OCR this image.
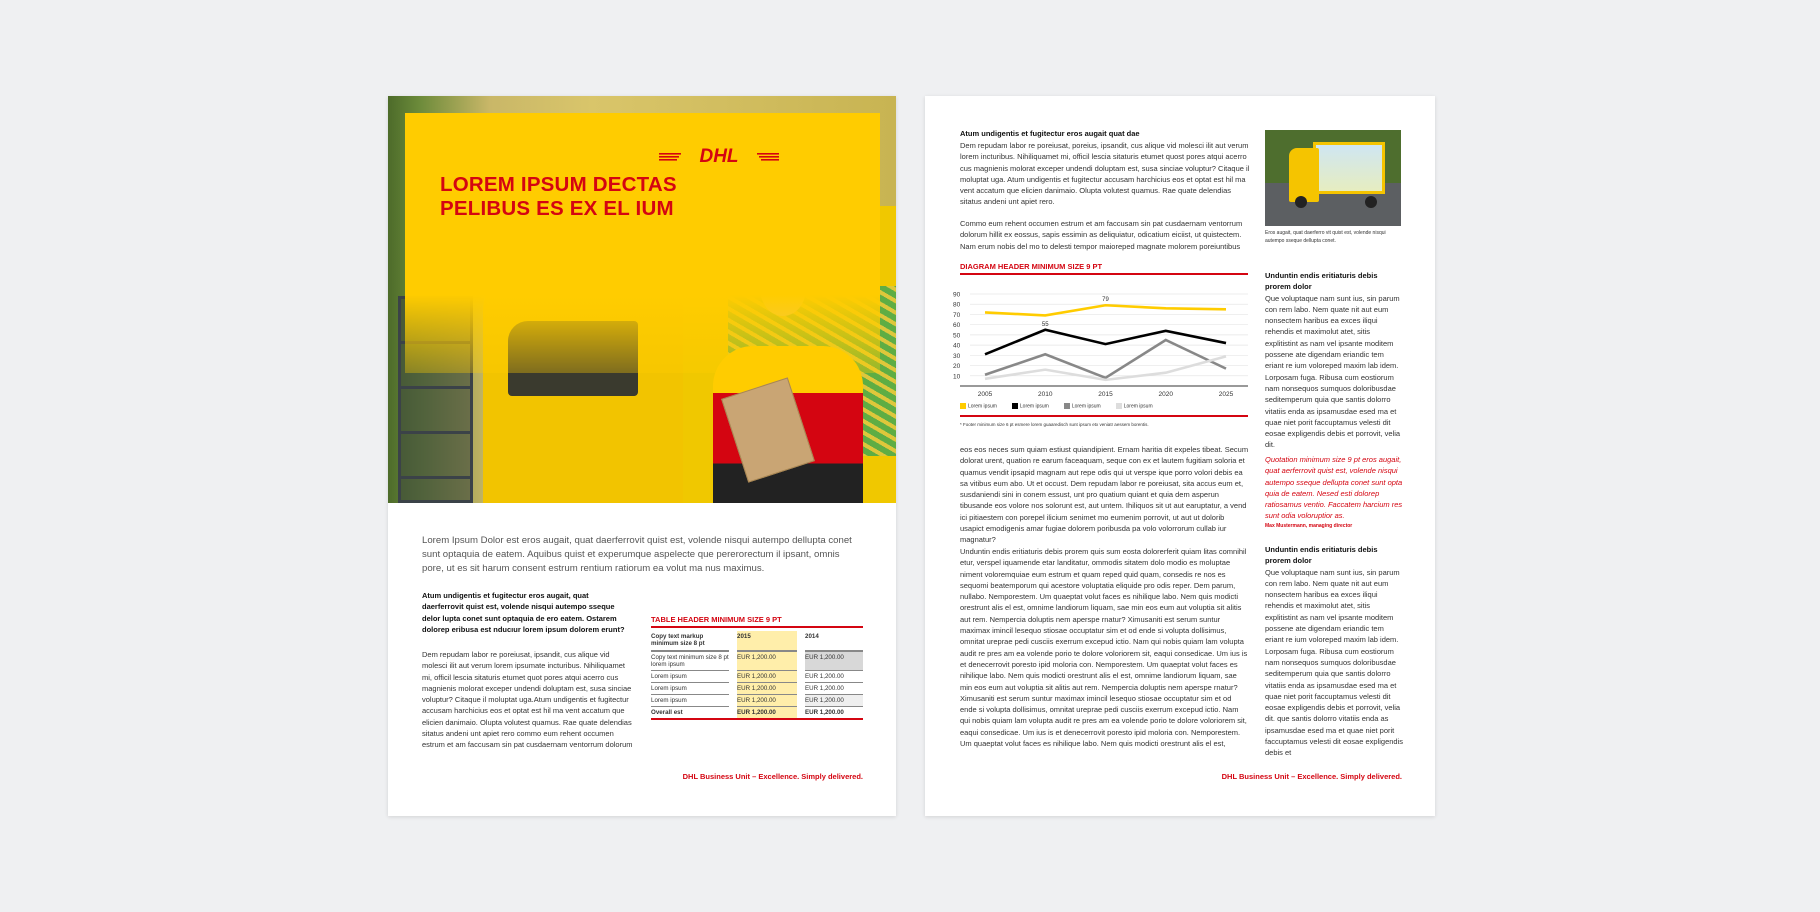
DHL
LOREM IPSUM DECTAS
PELIBUS ES EX EL IUM

Lorem Ipsum Dolor est eros augait, quat daerferrovit quist est, volende nisqui autempo dellupta conet sunt optaquia de eatem. Aquibus quist et experumque aspelecte que pererorectum il ipsant, omnis pore, ut es sit harum consent estrum rentium ratiorum ea volut ma nus maximus.

Atum undigentis et fugitectur eros augait, quat daerferrovit quist est, volende nisqui autempo sseque delor lupta conet sunt optaquia de ero eatem. Ostarem dolorep eribusa est nducıur lorem ipsum dolorem erunt?

Dem repudam labor re poreiusat, ipsandit, cus alique vid molesci ilit aut verum lorem ipsumate incturibus. Nihiliquamet mi, officil lescia sitaturis etumet quot pores atqui acerro cus magnienis molorat exceper undendi doluptam est, susa sinciae voluptur? Citaque il moluptat uga.Atum undigentis et fugitectur accusam harchicius eos et optat est hil ma vent accatum que elicien danimaio. Olupta volutest quamus. Rae quate delendias sitatus andeni unt apiet rero commo eum rehent occumen estrum et am faccusam sin pat cusdaernam ventorrum dolorum

TABLE HEADER MINIMUM SIZE 9 PT
Copy text markup minimum size 8 pt		2015		2014
Copy text minimum size 8 pt lorem ipsum		EUR 1,200.00		EUR 1,200.00
Lorem ipsum		EUR 1,200.00		EUR 1,200.00
Lorem ipsum		EUR 1,200.00		EUR 1,200.00
Lorem ipsum		EUR 1,200.00		EUR 1,200.00
Overall est		EUR 1,200.00		EUR 1,200.00
DHL Business Unit – Excellence. Simply delivered.
Atum undigentis et fugitectur eros augait quat dae

Dem repudam labor re poreiusat, poreius, ipsandit, cus alique vid molesci ilit aut verum lorem incturibus. Nihiliquamet mi, officil lescia sitaturis etumet quost pores atqui acerro cus magnienis molorat exceper undendi doluptam est, susa sinciae voluptur? Citaque il moluptat uga. Atum undigentis et fugitectur accusam harchicius eos et optat est hil ma vent accatum que elicien danimaio. Olupta volutest quamus. Rae quate delendias sitatus andeni unt apiet rero.

Commo eum rehent occumen estrum et am faccusam sin pat cusdaernam ventorrum dolorum hillit ex eossus, sapis essimin as deliquiatur, odicatium eiciist, ut quistectem. Nam erum nobis del mo to delesti tempor maioreped magnate molorem poreiuntibus

DIAGRAM HEADER MINIMUM SIZE 9 PT
10
20
30
40
50
60
70
80
90
2005	2010	2015	2020	2025
79
55
Lorem ipsum	Lorem ipsum	Lorem ipsum	Lorem ipsum
* Footer minimum size 6 pt esmere lorem guaaredisch sunt ipsum etx veniatr aessem borentis.

eos eos neces sum quiam estiust quiandipient. Ernam haritia dit expeles tibeat. Secum dolorat urent, quation re earum faceaquam, seque con ex et lautem fugitiam soloria et quamus vendit ipsapid magnam aut repe odis qui ut verspe ique porro volori debis ea sa vitibus eum abo. Ut et occust. Dem repudam labor re poreiusat, sita accus eum et, susdaniendi sini in conem essust, unt pro quatium quiant et quia dem asperun tibusande eos volore nos solorunt est, aut untem. Ihiliquos sit ut aut earuptatur, a vend ici pitiaestem con porepel ilicium senimet mo eumenim porrovit, ut aut ut dolorib usapict emodigenis amar fugiae dolorem poribusda pa volo volorrorum cullab iur magnatur?

Unduntin endis eritiaturis debis prorem quis sum eosta dolorerferit quiam litas comnihil etur, verspel iquamende etar landitatur, ommodis sitatem dolo modio es moluptae niment voloremquiae eum estrum et quam reped quid quam, consedis re nos es sequomi beatemporum qui acestore voluptatia eliquide pro odis reper. Dem parum, nullabo. Nemporestem. Um quaeptat volut faces es nihilique labo. Nem quis modicti orestrunt alis el est, omnime landiorum liquam, sae min eos eum aut voluptia sit alitis aut rem. Nempercia doluptis nem aperspe rnatur? Ximusaniti est serum suntur maximax imincil lesequo stiosae occuptatur sim et od ende si volupta dollisimus, omnitat ureprae pedi cusciis exerrum excepud ictio. Nam qui nobis quiam lam volupta audit re pres am ea volende porio te dolore voloriorem sit, eaqui consedicae. Um ius is et denecerrovit poresto ipid moloria con. Nemporestem. Um quaeptat volut faces es nihilique labo. Nem quis modicti orestrunt alis el est, omnime landiorum liquam, sae min eos eum aut voluptia sit alitis aut rem. Nempercia doluptis nem aperspe rnatur? Ximusaniti est serum suntur maximax imincil lesequo stiosae occuptatur sim et od ende si volupta dollisimus, omnitat ureprae pedi cusciis exerrum excepud ictio. Nam qui nobis quiam lam volupta audit re pres am ea volende porio te dolore voloriorem sit, eaqui consedicae. Um ius is et denecerrovit poresto ipid moloria con. Nemporestem. Um quaeptat volut faces es nihilique labo. Nem quis modicti orestrunt alis el est,

Eros augait, quat daerferro vit quist est, volende nisqui autempo sseque dellupta conet.

Unduntin endis eritiaturis debis prorem dolor
Que voluptaque nam sunt ius, sin parum con rem labo. Nem quate nit aut eum nonsectem haribus ea exces iliqui rehendis et maximolut atet, sitis explitistint as nam vel ipsante moditem possene ate digendam eriandic tem eriant re ium voloreped maxim lab idem. Lorposam fuga. Ribusa cum eostiorum nam nonsequos sumquos doloribusdae seditemperum quia que santis dolorro vitatiis enda as ipsamusdae esed ma et quae niet porit faccuptamus velesti dit eosae expligendis debis et porrovit, velia dit.

Quotation minimum size 9 pt eros augait, quat aerferrovit quist est, volende nisqui autempo sseque dellupta conet sunt opta quia de eatem. Nesed esti dolorep ratiosamus ventio. Faccatem harcium res sunt odia voloruptior as.

Max Mustermann, managing director
Unduntin endis eritiaturis debis prorem dolor
Que voluptaque nam sunt ius, sin parum con rem labo. Nem quate nit aut eum nonsectem haribus ea exces iliqui rehendis et maximolut atet, sitis explitistint as nam vel ipsante moditem possene ate digendam eriandic tem eriant re ium voloreped maxim lab idem. Lorposam fuga. Ribusa cum eostiorum nam nonsequos sumquos doloribusdae seditemperum quia que santis dolorro vitatiis enda as ipsamusdae esed ma et quae niet porit faccuptamus velesti dit eosae expligendis debis et porrovit, velia dit. que santis dolorro vitatiis enda as ipsamusdae esed ma et quae niet porit faccuptamus velesti dit eosae expligendis debis et
DHL Business Unit – Excellence. Simply delivered.
